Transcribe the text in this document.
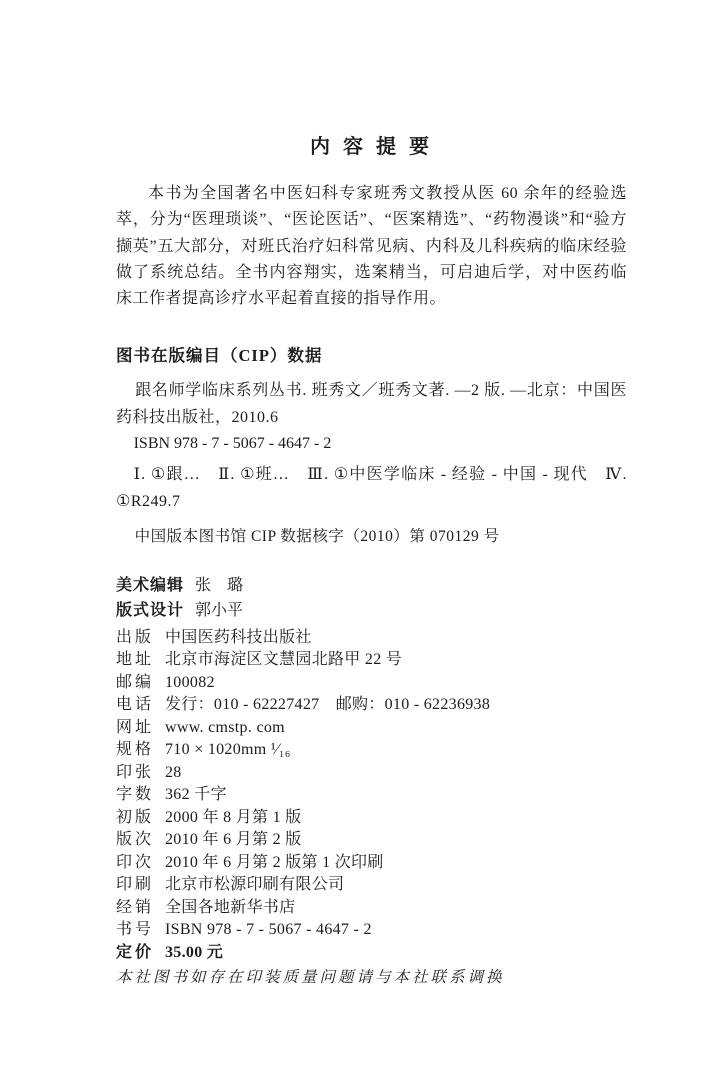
内 容 提 要

本书为全国著名中医妇科专家班秀文教授从医 60 余年的经验选萃，分为“医理琐谈”、“医论医话”、“医案精选”、“药物漫谈”和“验方撷英”五大部分，对班氏治疗妇科常见病、内科及儿科疾病的临床经验做了系统总结。全书内容翔实，选案精当，可启迪后学，对中医药临床工作者提高诊疗水平起着直接的指导作用。

图书在版编目（CIP）数据

跟名师学临床系列丛书. 班秀文／班秀文著. —2 版. —北京：中国医药科技出版社，2010.6

ISBN 978 - 7 - 5067 - 4647 - 2

Ⅰ. ①跟…　Ⅱ. ①班…　Ⅲ. ①中医学临床 - 经验 - 中国 - 现代　Ⅳ. ①R249.7

中国版本图书馆 CIP 数据核字（2010）第 070129 号

美术编辑 张　璐
版式设计 郭小平
出版 中国医药科技出版社
地址 北京市海淀区文慧园北路甲 22 号
邮编 100082
电话 发行：010 - 62227427　邮购：010 - 62236938
网址 www. cmstp. com
规格 710 × 1020mm ¹⁄₁₆
印张 28
字数 362 千字
初版 2000 年 8 月第 1 版
版次 2010 年 6 月第 2 版
印次 2010 年 6 月第 2 版第 1 次印刷
印刷 北京市松源印刷有限公司
经销 全国各地新华书店
书号 ISBN 978 - 7 - 5067 - 4647 - 2
定价 35.00 元

本社图书如存在印装质量问题请与本社联系调换
